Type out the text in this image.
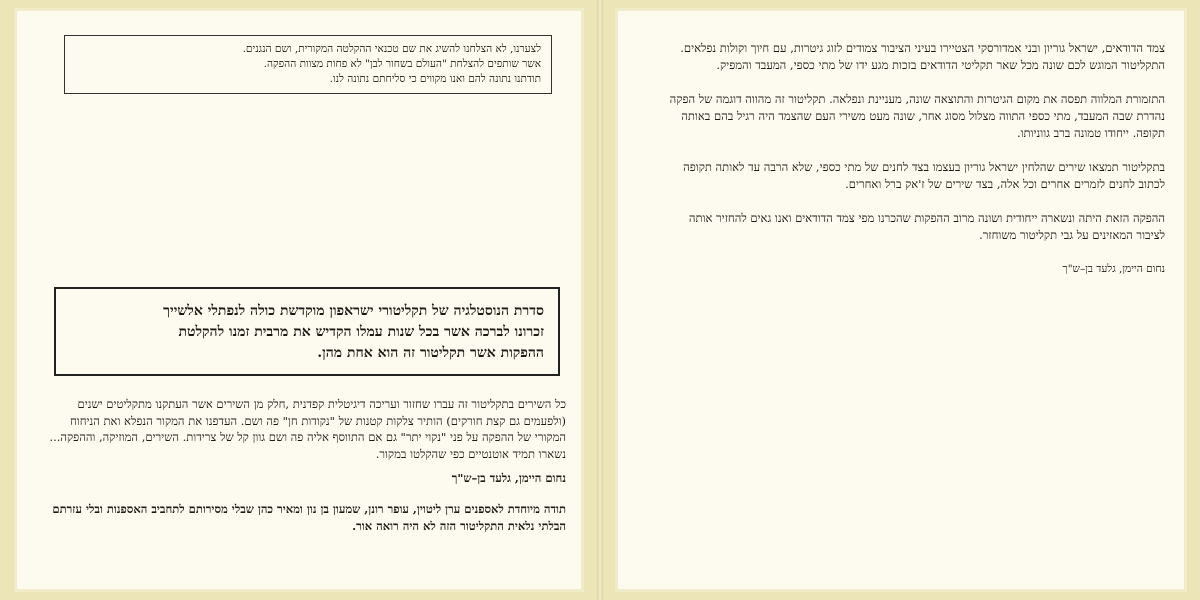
לצערנו, לא הצלחנו להשיג את שם טכנאי ההקלטה המקורית, ושם הנגנים.
אשר שותפים להצלחת "העולם בשחור לבן" לא פחות מצוות ההפקה.
תודתנו נתונה להם ואנו מקווים כי סליחתם נתונה לנו.
סדרת הנוסטלגיה של תקליטורי ישראפון מוקדשת כולה לנפתלי אלשייך
זכרונו לברכה אשר בכל שנות עמלו הקדיש את מרבית זמנו להקלטת
ההפקות אשר תקליטור זה הוא אחת מהן.

כל השירים בתקליטור זה עברו שחזור ועריכה דיגיטלית קפדנית ,חלק מן השירים אשר העתקנו מתקליטים ישנים (ולפעמים גם קצת חורקים) הותיר צלקות קטנות של "נקודות חן" פה ושם. העדפנו את המקור הנפלא ואת הניחוח המקורי של ההפקה על פני "נקוי יתר" גם אם התווסף אליה פה ושם גוון קל של צרידות. השירים, המוזיקה, וההפקה... נשארו תמיד אוטנטיים כפי שהקלטו במקור.

נחום היימן, גלעד בן–ש"ך

תודה מיוחדת לאספנים ערן ליטוין, עופר רונן, שמעון בן נון ומאיר כהן שבלי מסירותם לתחביב האספנות ובלי עזרתם הבלתי נלאית התקליטור הזה לא היה רואה אור.

צמד הדודאים, ישראל גוריון ובני אמדורסקי הצטיירו בעיני הציבור צמודים לזוג גיטרות, עם חיוך וקולות נפלאים. התקליטור המוגש לכם שונה מכל שאר תקליטי הדודאים בזכות מגע ידו של מתי כספי, המעבד והמפיק.

התזמורת המלווה תפסה את מקום הגיטרות והתוצאה שונה, מעניינת ונפלאה. תקליטור זה מהווה דוגמה של הפקה נהדרת שבה המעבד, מתי כספי התווה מצלול מסוג אחר, שונה מעט משירי העם שהצמד היה רגיל בהם באותה תקופה. ייחודו טמונה ברב גווניותו.

בתקליטור תמצאו שירים שהלחין ישראל גוריון בעצמו בצד לחנים של מתי כספי, שלא הרבה עד לאותה תקופה לכתוב לחנים לזמרים אחרים וכל אלה, בצד שירים של ז'אק ברל ואחרים.

ההפקה הזאת היתה ונשארה ייחודית ושונה מרוב ההפקות שהכרנו מפי צמד הדודאים ואנו גאים להחזיר אותה לציבור המאזינים על גבי תקליטור משוחזר.

נחום היימן, גלעד בן–ש"ך
